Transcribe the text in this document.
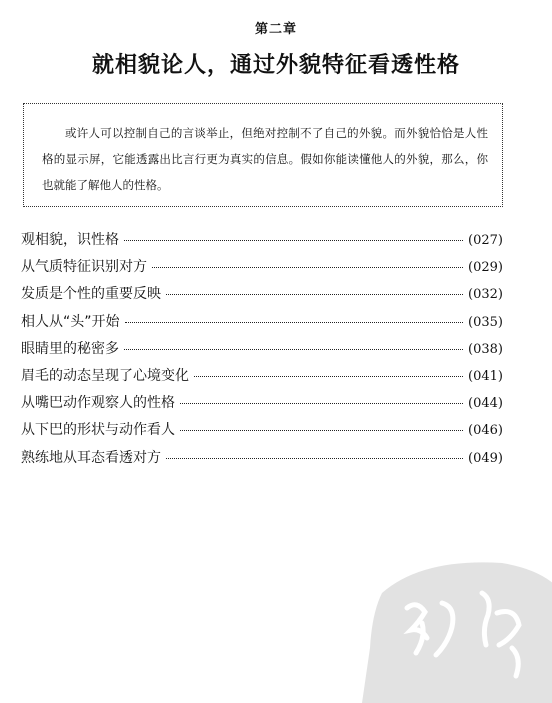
第二章
就相貌论人，通过外貌特征看透性格

或许人可以控制自己的言谈举止，但绝对控制不了自己的外貌。而外貌恰恰是人性格的显示屏，它能透露出比言行更为真实的信息。假如你能读懂他人的外貌，那么，你也就能了解他人的性格。

观相貌，识性格	(027)
从气质特征识别对方	(029)
发质是个性的重要反映	(032)
相人从“头”开始	(035)
眼睛里的秘密多	(038)
眉毛的动态呈现了心境变化	(041)
从嘴巴动作观察人的性格	(044)
从下巴的形状与动作看人	(046)
熟练地从耳态看透对方	(049)
